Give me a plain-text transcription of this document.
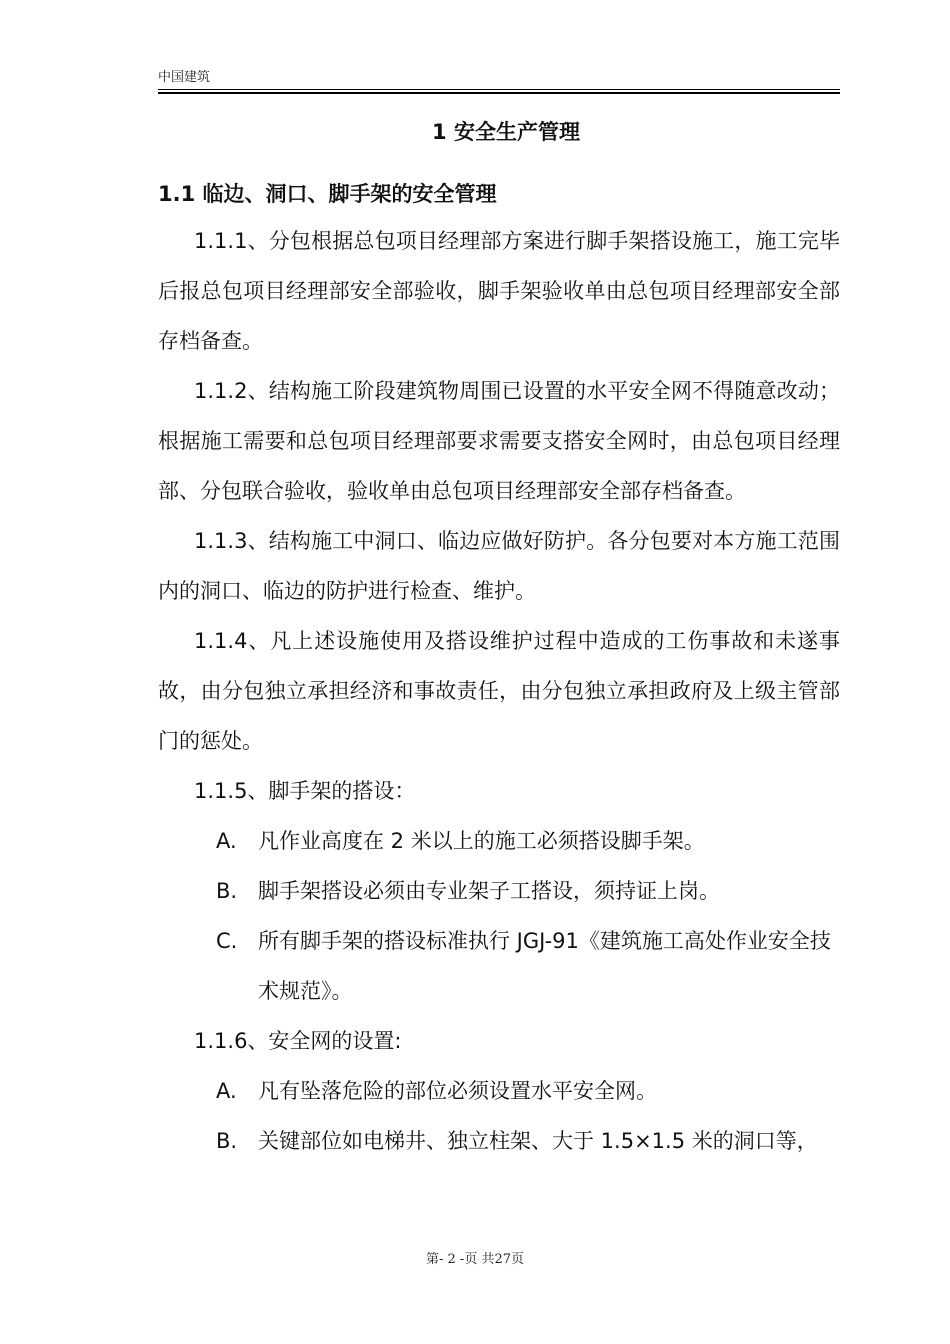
中国建筑
1 安全生产管理
1.1 临边、洞口、脚手架的安全管理

1.1.1、分包根据总包项目经理部方案进行脚手架搭设施工，施工完毕后报总包项目经理部安全部验收，脚手架验收单由总包项目经理部安全部存档备查。

1.1.2、结构施工阶段建筑物周围已设置的水平安全网不得随意改动；根据施工需要和总包项目经理部要求需要支搭安全网时，由总包项目经理部、分包联合验收，验收单由总包项目经理部安全部存档备查。

1.1.3、结构施工中洞口、临边应做好防护。各分包要对本方施工范围内的洞口、临边的防护进行检查、维护。

1.1.4、凡上述设施使用及搭设维护过程中造成的工伤事故和未遂事故，由分包独立承担经济和事故责任，由分包独立承担政府及上级主管部门的惩处。

1.1.5、脚手架的搭设：
A.	凡作业高度在 2 米以上的施工必须搭设脚手架。
B. 脚手架搭设必须由专业架子工搭设，须持证上岗。
C. 所有脚手架的搭设标准执行 JGJ-91《建筑施工高处作业安全技术规范》。
1.1.6、安全网的设置:
A.	凡有坠落危险的部位必须设置水平安全网。
B. 关键部位如电梯井、独立柱架、大于 1.5×1.5 米的洞口等，
第- 2 -页 共27页
